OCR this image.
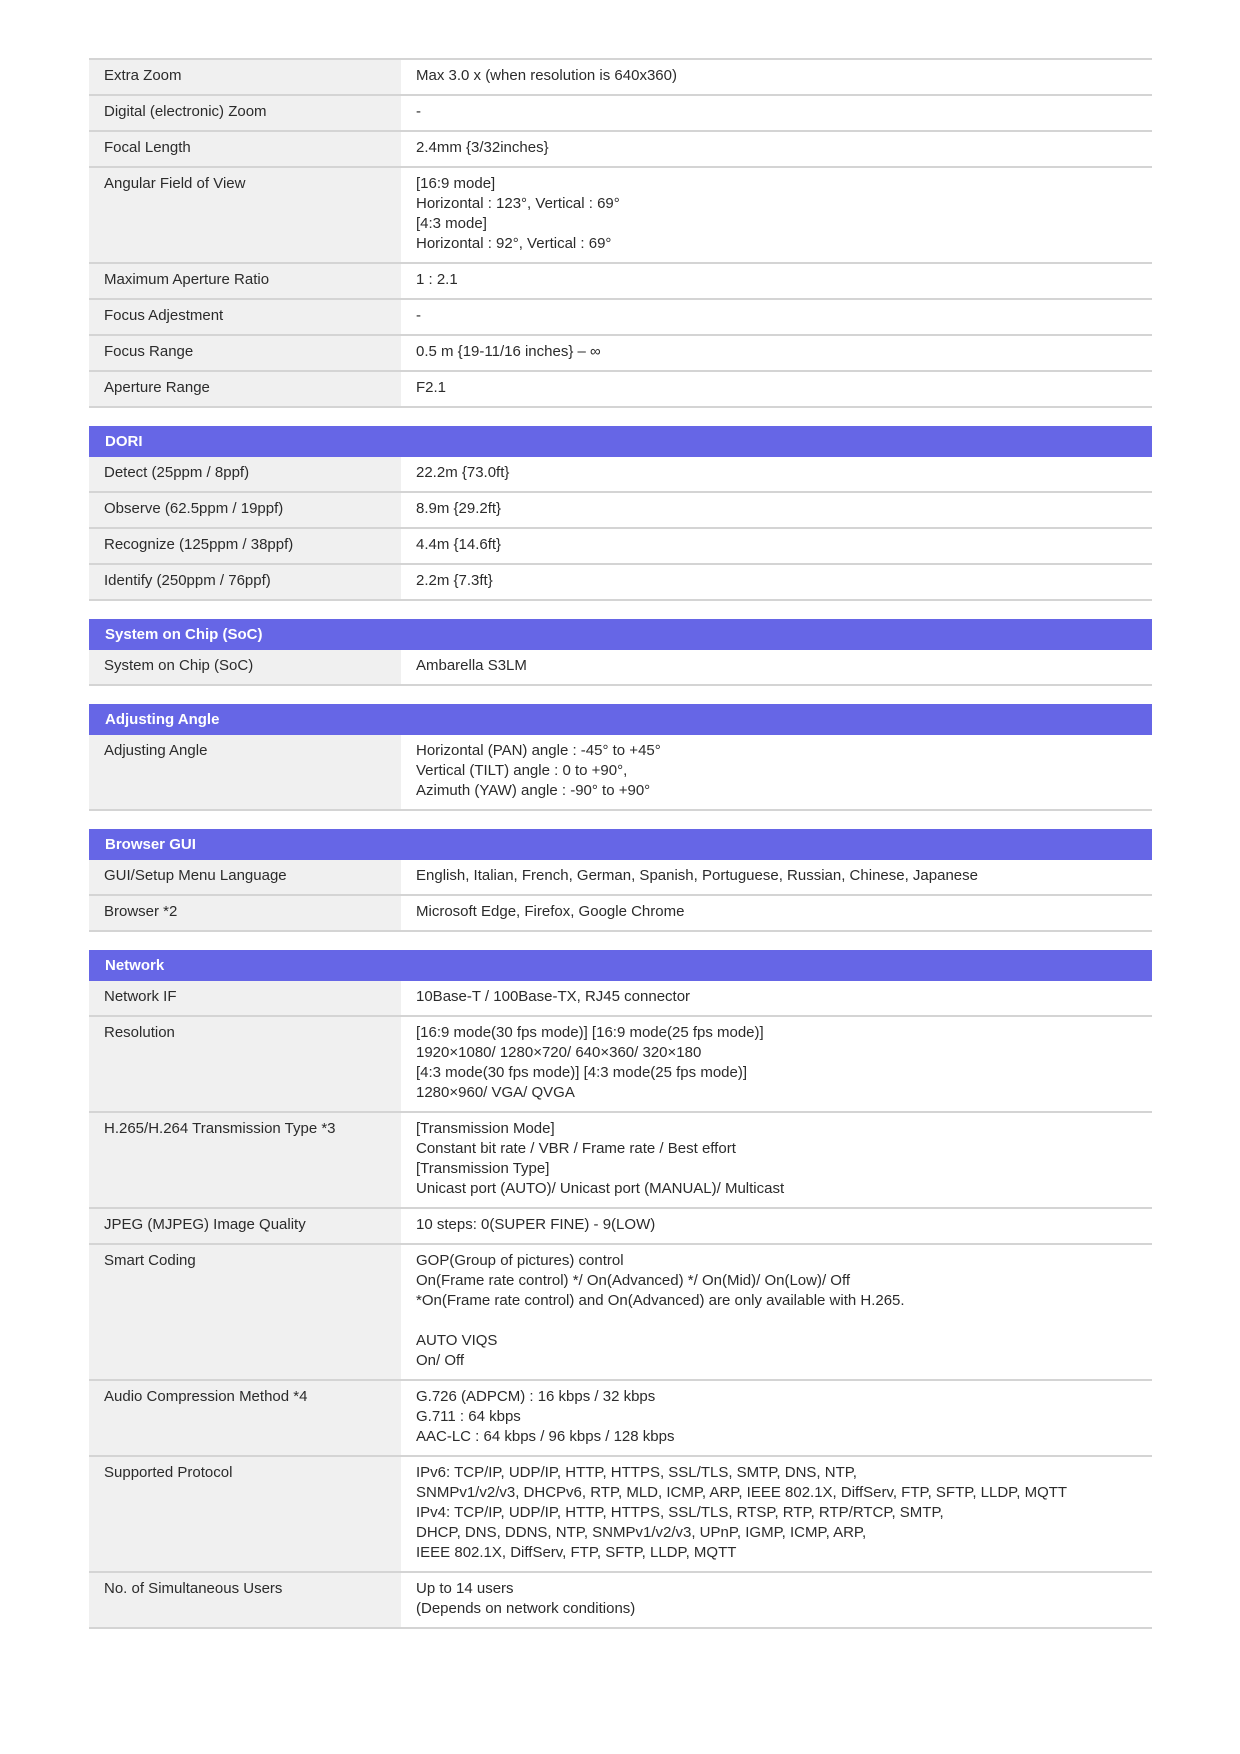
Extra Zoom	Max 3.0 x (when resolution is 640x360)
Digital (electronic) Zoom	-
Focal Length	2.4mm {3/32inches}
Angular Field of View	[16:9 mode]
Horizontal : 123°, Vertical : 69°
[4:3 mode]
Horizontal : 92°, Vertical : 69°
Maximum Aperture Ratio	1 : 2.1
Focus Adjestment	-
Focus Range	0.5 m {19-11/16 inches} – ∞
Aperture Range	F2.1
DORI
Detect (25ppm / 8ppf)	22.2m {73.0ft}
Observe (62.5ppm / 19ppf)	8.9m {29.2ft}
Recognize (125ppm / 38ppf)	4.4m {14.6ft}
Identify (250ppm / 76ppf)	2.2m {7.3ft}
System on Chip (SoC)
System on Chip (SoC)	Ambarella S3LM
Adjusting Angle
Adjusting Angle	Horizontal (PAN) angle : -45° to +45°
Vertical (TILT) angle : 0 to +90°,
Azimuth (YAW) angle : -90° to +90°
Browser GUI
GUI/Setup Menu Language	English, Italian, French, German, Spanish, Portuguese, Russian, Chinese, Japanese
Browser *2	Microsoft Edge, Firefox, Google Chrome
Network
Network IF	10Base-T / 100Base-TX, RJ45 connector
Resolution	[16:9 mode(30 fps mode)] [16:9 mode(25 fps mode)]
1920×1080/ 1280×720/ 640×360/ 320×180
[4:3 mode(30 fps mode)] [4:3 mode(25 fps mode)]
1280×960/ VGA/ QVGA
H.265/H.264 Transmission Type *3	[Transmission Mode]
Constant bit rate / VBR / Frame rate / Best effort
[Transmission Type]
Unicast port (AUTO)/ Unicast port (MANUAL)/ Multicast
JPEG (MJPEG) Image Quality	10 steps: 0(SUPER FINE) - 9(LOW)
Smart Coding	GOP(Group of pictures) control
On(Frame rate control) */ On(Advanced) */ On(Mid)/ On(Low)/ Off
*On(Frame rate control) and On(Advanced) are only available with H.265.

AUTO VIQS
On/ Off
Audio Compression Method *4	G.726 (ADPCM) : 16 kbps / 32 kbps
G.711 : 64 kbps
AAC-LC : 64 kbps / 96 kbps / 128 kbps
Supported Protocol	IPv6: TCP/IP, UDP/IP, HTTP, HTTPS, SSL/TLS, SMTP, DNS, NTP,
SNMPv1/v2/v3, DHCPv6, RTP, MLD, ICMP, ARP, IEEE 802.1X, DiffServ, FTP, SFTP, LLDP, MQTT
IPv4: TCP/IP, UDP/IP, HTTP, HTTPS, SSL/TLS, RTSP, RTP, RTP/RTCP, SMTP,
DHCP, DNS, DDNS, NTP, SNMPv1/v2/v3, UPnP, IGMP, ICMP, ARP,
IEEE 802.1X, DiffServ, FTP, SFTP, LLDP, MQTT
No. of Simultaneous Users	Up to 14 users
(Depends on network conditions)
